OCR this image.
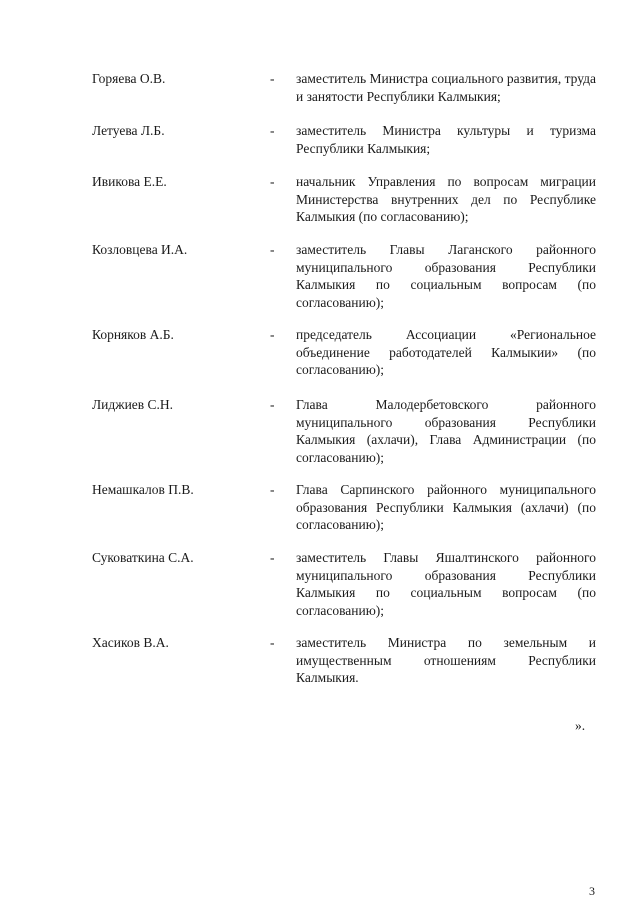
Горяева О.В.	- заместитель Министра социального развития, труда и занятости Республики Калмыкия;

Летуева Л.Б.	- заместитель Министра культуры и туризма Республики Калмыкия;

Ивикова Е.Е.	- начальник Управления по вопросам миграции Министерства внутренних дел по Республике Калмыкия (по согласованию);

Козловцева И.А.	- заместитель Главы Лаганского районного муниципального образования Республики Калмыкия по социальным вопросам (по согласованию);

Корняков А.Б.	- председатель Ассоциации «Региональное объединение работодателей Калмыкии» (по согласованию);

Лиджиев С.Н.	- Глава Малодербетовского районного муниципального образования Республики Калмыкия (ахлачи), Глава Администрации (по согласованию);

Немашкалов П.В.	- Глава Сарпинского районного муниципального образования Республики Калмыкия (ахлачи) (по согласованию);

Суковаткина С.А.	- заместитель Главы Яшалтинского районного муниципального образования Республики Калмыкия по социальным вопросам (по согласованию);

Хасиков В.А.	- заместитель Министра по земельным и имущественным отношениям Республики Калмыкия.

».
3
